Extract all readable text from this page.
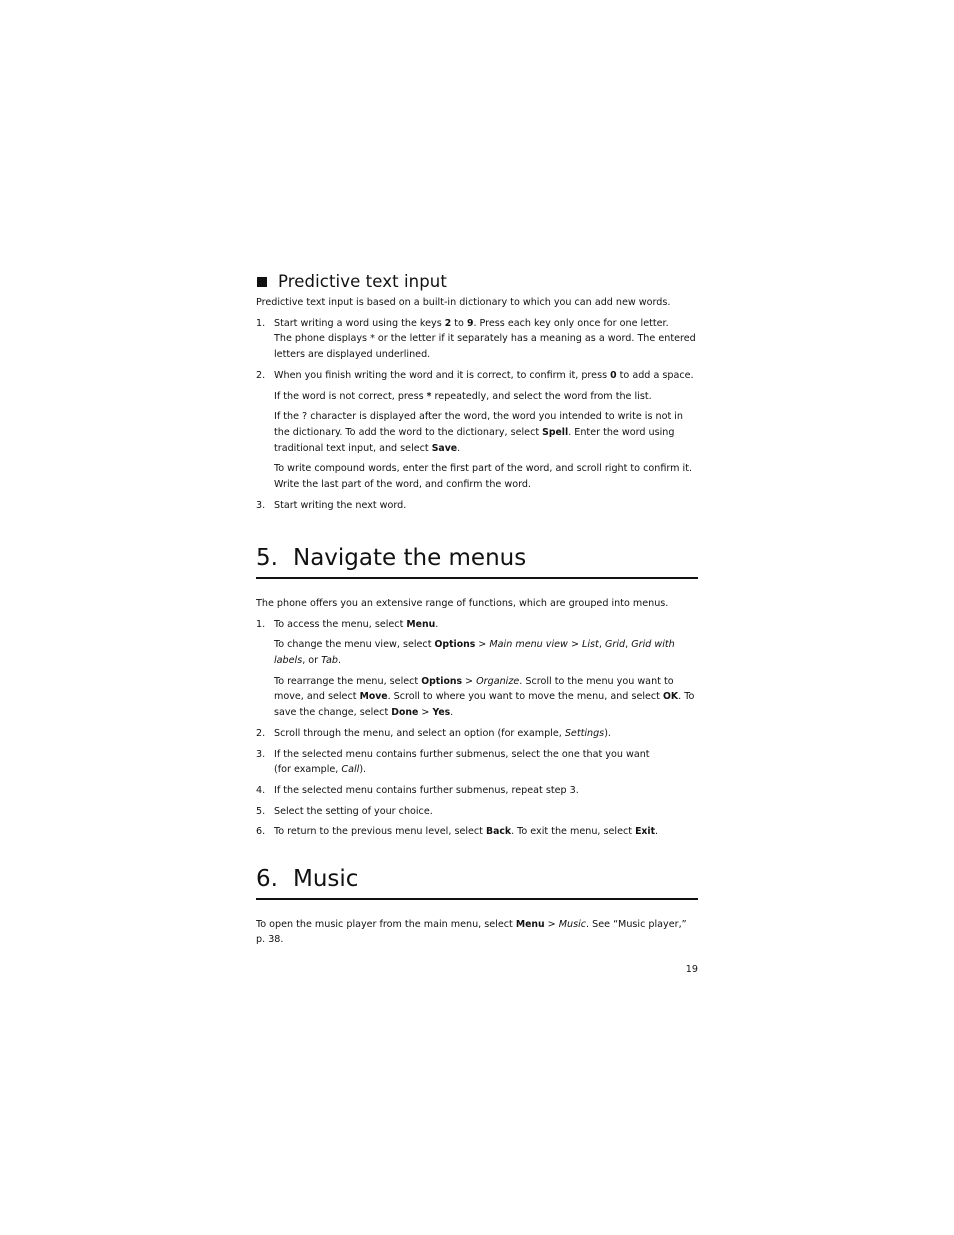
Predictive text input

Predictive text input is based on a built-in dictionary to which you can add new words.

1. Start writing a word using the keys 2 to 9. Press each key only once for one letter.

The phone displays * or the letter if it separately has a meaning as a word. The entered letters are displayed underlined.

2. When you finish writing the word and it is correct, to confirm it, press 0 to add a space.

If the word is not correct, press * repeatedly, and select the word from the list.

If the ? character is displayed after the word, the word you intended to write is not in the dictionary. To add the word to the dictionary, select Spell. Enter the word using traditional text input, and select Save.

To write compound words, enter the first part of the word, and scroll right to confirm it. Write the last part of the word, and confirm the word.

3. Start writing the next word.

5. Navigate the menus

The phone offers you an extensive range of functions, which are grouped into menus.

1. To access the menu, select Menu.

To change the menu view, select Options > Main menu view > List, Grid, Grid with labels, or Tab.

To rearrange the menu, select Options > Organize. Scroll to the menu you want to move, and select Move. Scroll to where you want to move the menu, and select OK. To save the change, select Done > Yes.

2. Scroll through the menu, and select an option (for example, Settings).

3. If the selected menu contains further submenus, select the one that you want

(for example, Call).

4. If the selected menu contains further submenus, repeat step 3.

5. Select the setting of your choice.

6. To return to the previous menu level, select Back. To exit the menu, select Exit.

6. Music

To open the music player from the main menu, select Menu > Music. See “Music player,” p. 38.

19
